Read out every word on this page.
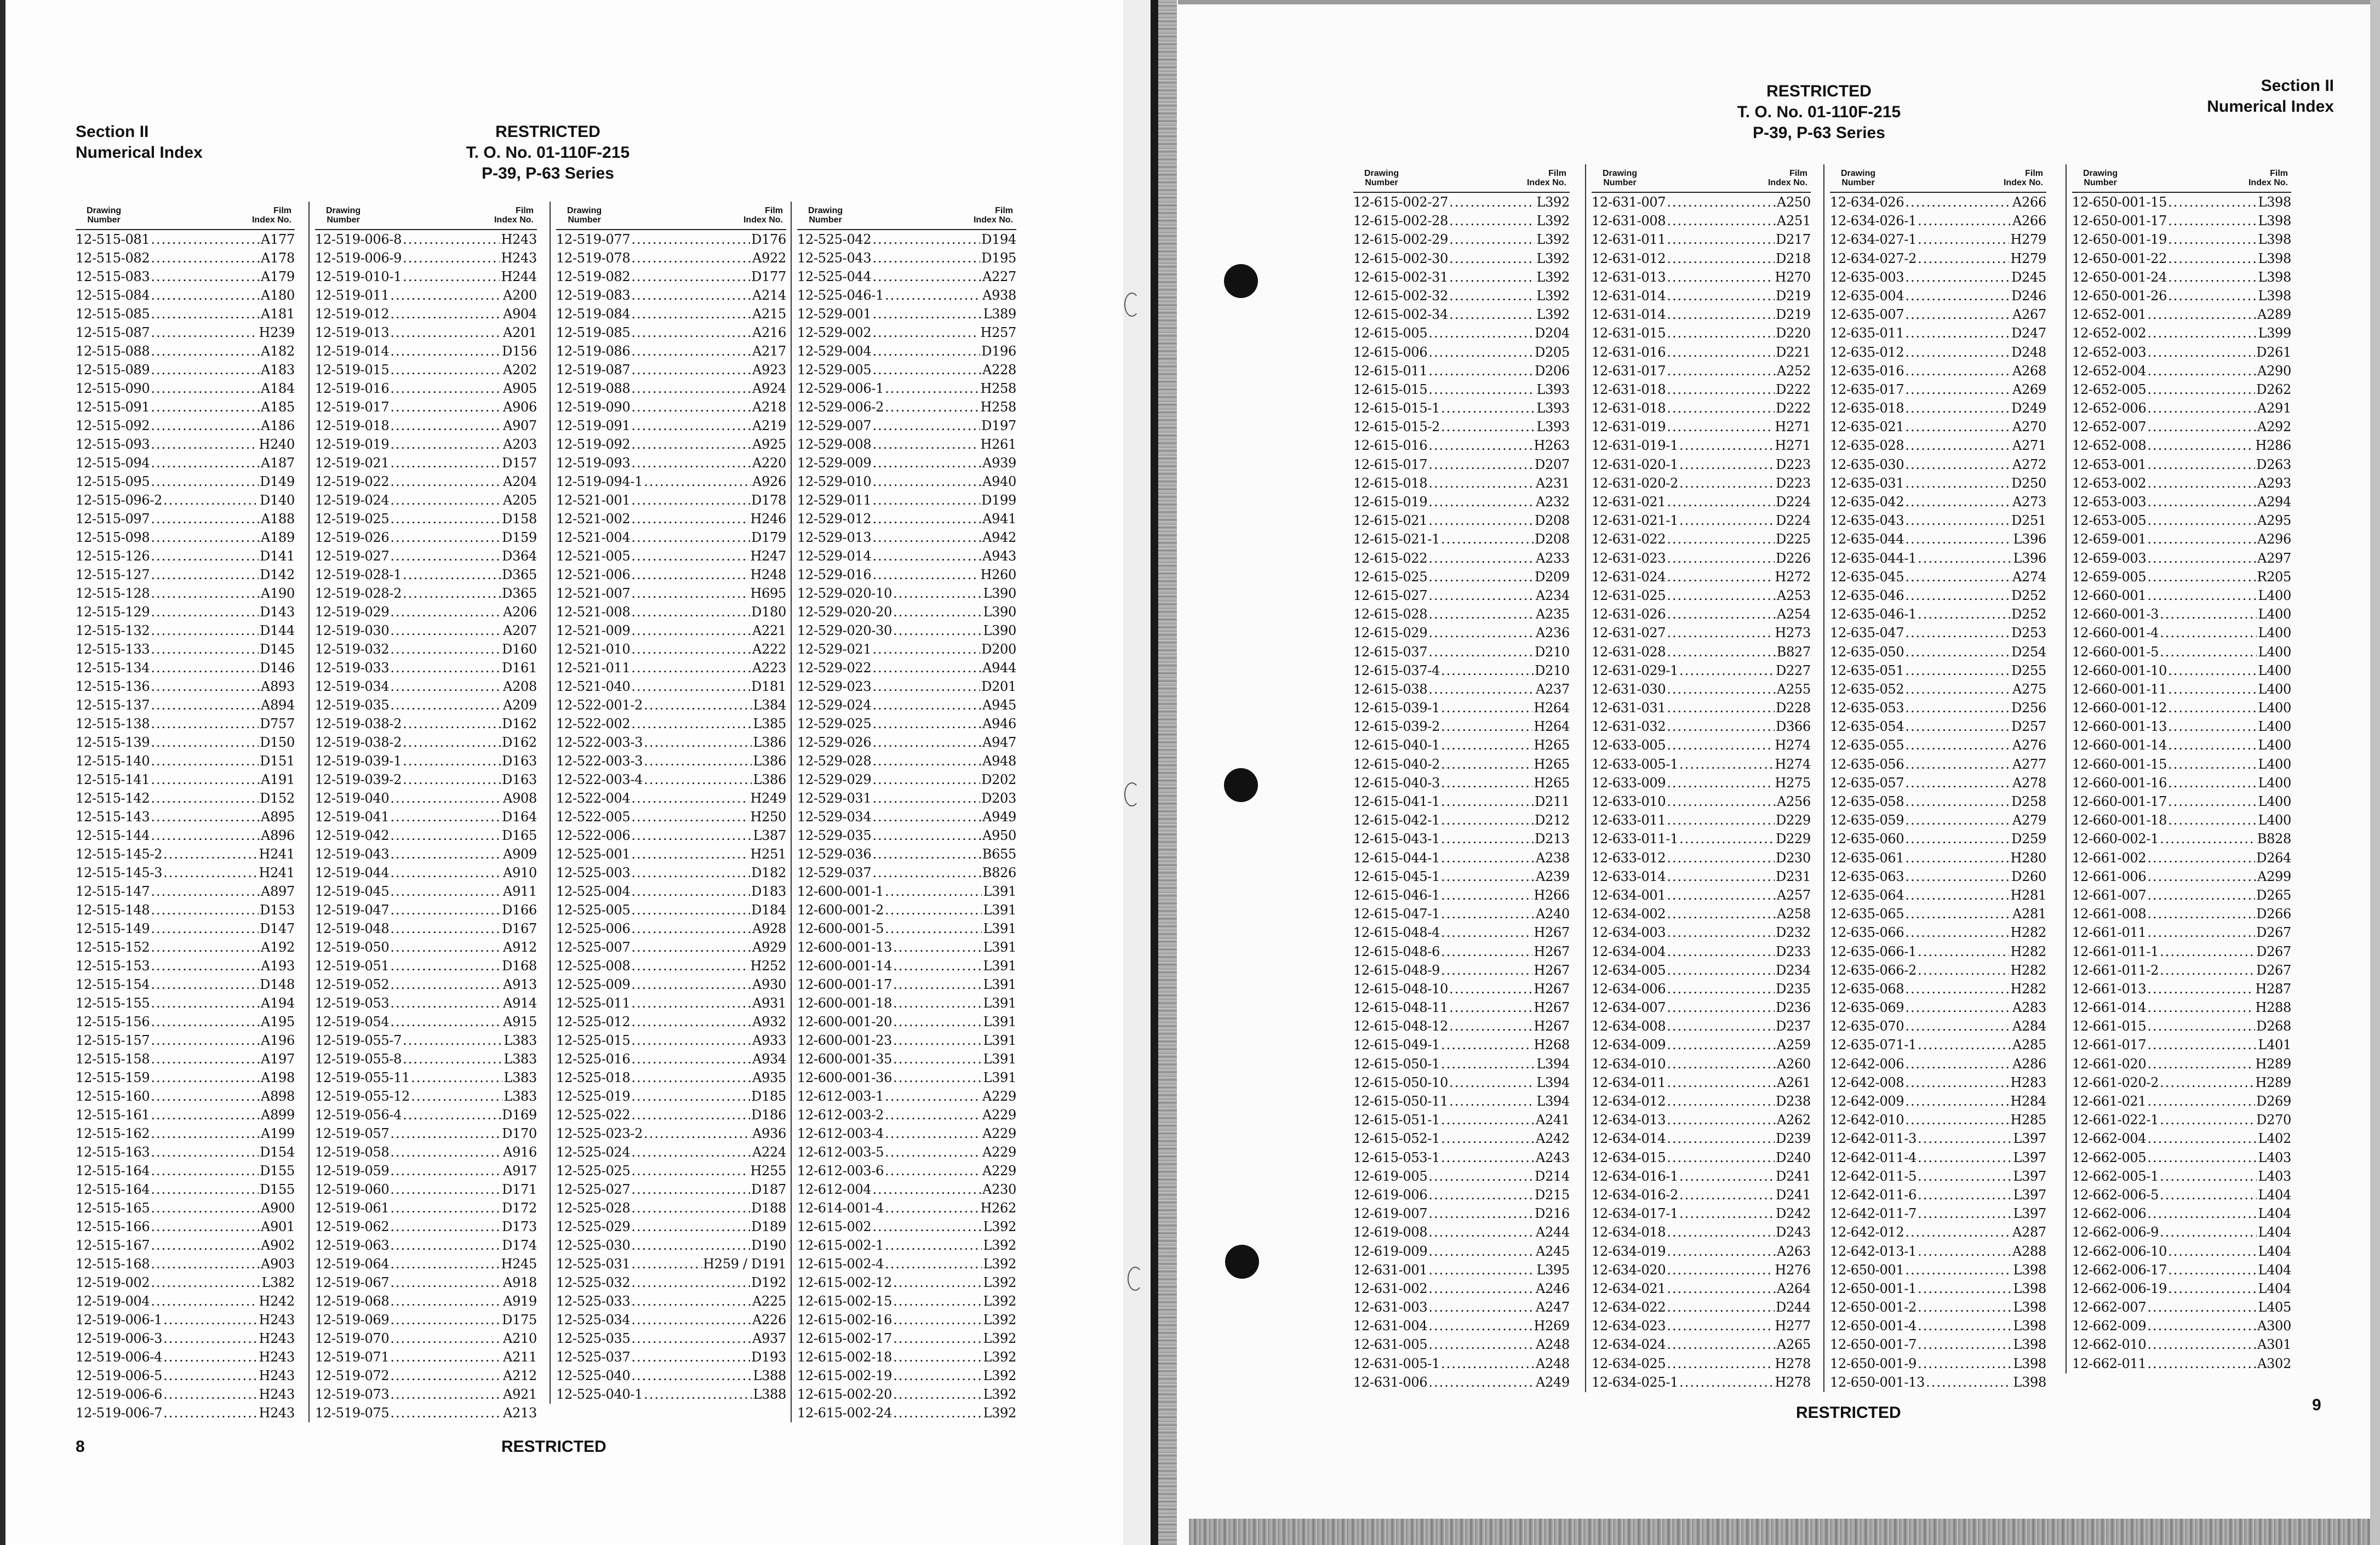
Section II
Numerical Index
RESTRICTED
T. O. No. 01-110F-215
P-39, P-63 Series
8	RESTRICTED
Drawing
Number
Film
Index No.
12-515-081 .....	A177
12-515-082 .....	A178
12-515-083 .....	A179
12-515-084 .....	A180
12-515-085 .....	A181
12-515-087 .....	H239
12-515-088 .....	A182
12-515-089 .....	A183
12-515-090 .....	A184
12-515-091 .....	A185
12-515-092 .....	A186
12-515-093 .....	H240
12-515-094 .....	A187
12-515-095 .....	D149
12-515-096-2 .....	D140
12-515-097 .....	A188
12-515-098 .....	A189
12-515-126 .....	D141
12-515-127 .....	D142
12-515-128 .....	A190
12-515-129 .....	D143
12-515-132 .....	D144
12-515-133 .....	D145
12-515-134 .....	D146
12-515-136 .....	A893
12-515-137 .....	A894
12-515-138 .....	D757
12-515-139 .....	D150
12-515-140 .....	D151
12-515-141 .....	A191
12-515-142 .....	D152
12-515-143 .....	A895
12-515-144 .....	A896
12-515-145-2 .....	H241
12-515-145-3 .....	H241
12-515-147 .....	A897
12-515-148 .....	D153
12-515-149 .....	D147
12-515-152 .....	A192
12-515-153 .....	A193
12-515-154 .....	D148
12-515-155 .....	A194
12-515-156 .....	A195
12-515-157 .....	A196
12-515-158 .....	A197
12-515-159 .....	A198
12-515-160 .....	A898
12-515-161 .....	A899
12-515-162 .....	A199
12-515-163 .....	D154
12-515-164 .....	D155
12-515-164 .....	D155
12-515-165 .....	A900
12-515-166 .....	A901
12-515-167 .....	A902
12-515-168 .....	A903
12-519-002 .....	L382
12-519-004 .....	H242
12-519-006-1 .....	H243
12-519-006-3 .....	H243
12-519-006-4 .....	H243
12-519-006-5 .....	H243
12-519-006-6 .....	H243
12-519-006-7 .....	H243
Drawing
Number
Film
Index No.
12-519-006-8 .....	H243
12-519-006-9 .....	H243
12-519-010-1 .....	H244
12-519-011 .....	A200
12-519-012 .....	A904
12-519-013 .....	A201
12-519-014 .....	D156
12-519-015 .....	A202
12-519-016 .....	A905
12-519-017 .....	A906
12-519-018 .....	A907
12-519-019 .....	A203
12-519-021 .....	D157
12-519-022 .....	A204
12-519-024 .....	A205
12-519-025 .....	D158
12-519-026 .....	D159
12-519-027 .....	D364
12-519-028-1 .....	D365
12-519-028-2 .....	D365
12-519-029 .....	A206
12-519-030 .....	A207
12-519-032 .....	D160
12-519-033 .....	D161
12-519-034 .....	A208
12-519-035 .....	A209
12-519-038-2 .....	D162
12-519-038-2 .....	D162
12-519-039-1 .....	D163
12-519-039-2 .....	D163
12-519-040 .....	A908
12-519-041 .....	D164
12-519-042 .....	D165
12-519-043 .....	A909
12-519-044 .....	A910
12-519-045 .....	A911
12-519-047 .....	D166
12-519-048 .....	D167
12-519-050 .....	A912
12-519-051 .....	D168
12-519-052 .....	A913
12-519-053 .....	A914
12-519-054 .....	A915
12-519-055-7 .....	L383
12-519-055-8 .....	L383
12-519-055-11 .....	L383
12-519-055-12 .....	L383
12-519-056-4 .....	D169
12-519-057 .....	D170
12-519-058 .....	A916
12-519-059 .....	A917
12-519-060 .....	D171
12-519-061 .....	D172
12-519-062 .....	D173
12-519-063 .....	D174
12-519-064 .....	H245
12-519-067 .....	A918
12-519-068 .....	A919
12-519-069 .....	D175
12-519-070 .....	A210
12-519-071 .....	A211
12-519-072 .....	A212
12-519-073 .....	A921
12-519-075 .....	A213
Drawing
Number
Film
Index No.
12-519-077 .....	D176
12-519-078 .....	A922
12-519-082 .....	D177
12-519-083 .....	A214
12-519-084 .....	A215
12-519-085 .....	A216
12-519-086 .....	A217
12-519-087 .....	A923
12-519-088 .....	A924
12-519-090 .....	A218
12-519-091 .....	A219
12-519-092 .....	A925
12-519-093 .....	A220
12-519-094-1 .....	A926
12-521-001 .....	D178
12-521-002 .....	H246
12-521-004 .....	D179
12-521-005 .....	H247
12-521-006 .....	H248
12-521-007 .....	H695
12-521-008 .....	D180
12-521-009 .....	A221
12-521-010 .....	A222
12-521-011 .....	A223
12-521-040 .....	D181
12-522-001-2 .....	L384
12-522-002 .....	L385
12-522-003-3 .....	L386
12-522-003-3 .....	L386
12-522-003-4 .....	L386
12-522-004 .....	H249
12-522-005 .....	H250
12-522-006 .....	L387
12-525-001 .....	H251
12-525-003 .....	D182
12-525-004 .....	D183
12-525-005 .....	D184
12-525-006 .....	A928
12-525-007 .....	A929
12-525-008 .....	H252
12-525-009 .....	A930
12-525-011 .....	A931
12-525-012 .....	A932
12-525-015 .....	A933
12-525-016 .....	A934
12-525-018 .....	A935
12-525-019 .....	D185
12-525-022 .....	D186
12-525-023-2 .....	A936
12-525-024 .....	A224
12-525-025 .....	H255
12-525-027 .....	D187
12-525-028 .....	D188
12-525-029 .....	D189
12-525-030 .....	D190
12-525-031 .....	H259 / D191
12-525-032 .....	D192
12-525-033 .....	A225
12-525-034 .....	A226
12-525-035 .....	A937
12-525-037 .....	D193
12-525-040 .....	L388
12-525-040-1 .....	L388
Drawing
Number
Film
Index No.
12-525-042 .....	D194
12-525-043 .....	D195
12-525-044 .....	A227
12-525-046-1 .....	A938
12-529-001 .....	L389
12-529-002 .....	H257
12-529-004 .....	D196
12-529-005 .....	A228
12-529-006-1 .....	H258
12-529-006-2 .....	H258
12-529-007 .....	D197
12-529-008 .....	H261
12-529-009 .....	A939
12-529-010 .....	A940
12-529-011 .....	D199
12-529-012 .....	A941
12-529-013 .....	A942
12-529-014 .....	A943
12-529-016 .....	H260
12-529-020-10 .....	L390
12-529-020-20 .....	L390
12-529-020-30 .....	L390
12-529-021 .....	D200
12-529-022 .....	A944
12-529-023 .....	D201
12-529-024 .....	A945
12-529-025 .....	A946
12-529-026 .....	A947
12-529-028 .....	A948
12-529-029 .....	D202
12-529-031 .....	D203
12-529-034 .....	A949
12-529-035 .....	A950
12-529-036 .....	B655
12-529-037 .....	B826
12-600-001-1 .....	L391
12-600-001-2 .....	L391
12-600-001-5 .....	L391
12-600-001-13 .....	L391
12-600-001-14 .....	L391
12-600-001-17 .....	L391
12-600-001-18 .....	L391
12-600-001-20 .....	L391
12-600-001-23 .....	L391
12-600-001-35 .....	L391
12-600-001-36 .....	L391
12-612-003-1 .....	A229
12-612-003-2 .....	A229
12-612-003-4 .....	A229
12-612-003-5 .....	A229
12-612-003-6 .....	A229
12-612-004 .....	A230
12-614-001-4 .....	H262
12-615-002 .....	L392
12-615-002-1 .....	L392
12-615-002-4 .....	L392
12-615-002-12 .....	L392
12-615-002-15 .....	L392
12-615-002-16 .....	L392
12-615-002-17 .....	L392
12-615-002-18 .....	L392
12-615-002-19 .....	L392
12-615-002-20 .....	L392
12-615-002-24 .....	L392
RESTRICTED
T. O. No. 01-110F-215
P-39, P-63 Series
Section II
Numerical Index
RESTRICTED	9
Drawing
Number
Film
Index No.
12-615-002-27 .....	L392
12-615-002-28 .....	L392
12-615-002-29 .....	L392
12-615-002-30 .....	L392
12-615-002-31 .....	L392
12-615-002-32 .....	L392
12-615-002-34 .....	L392
12-615-005 .....	D204
12-615-006 .....	D205
12-615-011 .....	D206
12-615-015 .....	L393
12-615-015-1 .....	L393
12-615-015-2 .....	L393
12-615-016 .....	H263
12-615-017 .....	D207
12-615-018 .....	A231
12-615-019 .....	A232
12-615-021 .....	D208
12-615-021-1 .....	D208
12-615-022 .....	A233
12-615-025 .....	D209
12-615-027 .....	A234
12-615-028 .....	A235
12-615-029 .....	A236
12-615-037 .....	D210
12-615-037-4 .....	D210
12-615-038 .....	A237
12-615-039-1 .....	H264
12-615-039-2 .....	H264
12-615-040-1 .....	H265
12-615-040-2 .....	H265
12-615-040-3 .....	H265
12-615-041-1 .....	D211
12-615-042-1 .....	D212
12-615-043-1 .....	D213
12-615-044-1 .....	A238
12-615-045-1 .....	A239
12-615-046-1 .....	H266
12-615-047-1 .....	A240
12-615-048-4 .....	H267
12-615-048-6 .....	H267
12-615-048-9 .....	H267
12-615-048-10 .....	H267
12-615-048-11 .....	H267
12-615-048-12 .....	H267
12-615-049-1 .....	H268
12-615-050-1 .....	L394
12-615-050-10 .....	L394
12-615-050-11 .....	L394
12-615-051-1 .....	A241
12-615-052-1 .....	A242
12-615-053-1 .....	A243
12-619-005 .....	D214
12-619-006 .....	D215
12-619-007 .....	D216
12-619-008 .....	A244
12-619-009 .....	A245
12-631-001 .....	L395
12-631-002 .....	A246
12-631-003 .....	A247
12-631-004 .....	H269
12-631-005 .....	A248
12-631-005-1 .....	A248
12-631-006 .....	A249
Drawing
Number
Film
Index No.
12-631-007 .....	A250
12-631-008 .....	A251
12-631-011 .....	D217
12-631-012 .....	D218
12-631-013 .....	H270
12-631-014 .....	D219
12-631-014 .....	D219
12-631-015 .....	D220
12-631-016 .....	D221
12-631-017 .....	A252
12-631-018 .....	D222
12-631-018 .....	D222
12-631-019 .....	H271
12-631-019-1 .....	H271
12-631-020-1 .....	D223
12-631-020-2 .....	D223
12-631-021 .....	D224
12-631-021-1 .....	D224
12-631-022 .....	D225
12-631-023 .....	D226
12-631-024 .....	H272
12-631-025 .....	A253
12-631-026 .....	A254
12-631-027 .....	H273
12-631-028 .....	B827
12-631-029-1 .....	D227
12-631-030 .....	A255
12-631-031 .....	D228
12-631-032 .....	D366
12-633-005 .....	H274
12-633-005-1 .....	H274
12-633-009 .....	H275
12-633-010 .....	A256
12-633-011 .....	D229
12-633-011-1 .....	D229
12-633-012 .....	D230
12-633-014 .....	D231
12-634-001 .....	A257
12-634-002 .....	A258
12-634-003 .....	D232
12-634-004 .....	D233
12-634-005 .....	D234
12-634-006 .....	D235
12-634-007 .....	D236
12-634-008 .....	D237
12-634-009 .....	A259
12-634-010 .....	A260
12-634-011 .....	A261
12-634-012 .....	D238
12-634-013 .....	A262
12-634-014 .....	D239
12-634-015 .....	D240
12-634-016-1 .....	D241
12-634-016-2 .....	D241
12-634-017-1 .....	D242
12-634-018 .....	D243
12-634-019 .....	A263
12-634-020 .....	H276
12-634-021 .....	A264
12-634-022 .....	D244
12-634-023 .....	H277
12-634-024 .....	A265
12-634-025 .....	H278
12-634-025-1 .....	H278
Drawing
Number
Film
Index No.
12-634-026 .....	A266
12-634-026-1 .....	A266
12-634-027-1 .....	H279
12-634-027-2 .....	H279
12-635-003 .....	D245
12-635-004 .....	D246
12-635-007 .....	A267
12-635-011 .....	D247
12-635-012 .....	D248
12-635-016 .....	A268
12-635-017 .....	A269
12-635-018 .....	D249
12-635-021 .....	A270
12-635-028 .....	A271
12-635-030 .....	A272
12-635-031 .....	D250
12-635-042 .....	A273
12-635-043 .....	D251
12-635-044 .....	L396
12-635-044-1 .....	L396
12-635-045 .....	A274
12-635-046 .....	D252
12-635-046-1 .....	D252
12-635-047 .....	D253
12-635-050 .....	D254
12-635-051 .....	D255
12-635-052 .....	A275
12-635-053 .....	D256
12-635-054 .....	D257
12-635-055 .....	A276
12-635-056 .....	A277
12-635-057 .....	A278
12-635-058 .....	D258
12-635-059 .....	A279
12-635-060 .....	D259
12-635-061 .....	H280
12-635-063 .....	D260
12-635-064 .....	H281
12-635-065 .....	A281
12-635-066 .....	H282
12-635-066-1 .....	H282
12-635-066-2 .....	H282
12-635-068 .....	H282
12-635-069 .....	A283
12-635-070 .....	A284
12-635-071-1 .....	A285
12-642-006 .....	A286
12-642-008 .....	H283
12-642-009 .....	H284
12-642-010 .....	H285
12-642-011-3 .....	L397
12-642-011-4 .....	L397
12-642-011-5 .....	L397
12-642-011-6 .....	L397
12-642-011-7 .....	L397
12-642-012 .....	A287
12-642-013-1 .....	A288
12-650-001 .....	L398
12-650-001-1 .....	L398
12-650-001-2 .....	L398
12-650-001-4 .....	L398
12-650-001-7 .....	L398
12-650-001-9 .....	L398
12-650-001-13 .....	L398
Drawing
Number
Film
Index No.
12-650-001-15 .....	L398
12-650-001-17 .....	L398
12-650-001-19 .....	L398
12-650-001-22 .....	L398
12-650-001-24 .....	L398
12-650-001-26 .....	L398
12-652-001 .....	A289
12-652-002 .....	L399
12-652-003 .....	D261
12-652-004 .....	A290
12-652-005 .....	D262
12-652-006 .....	A291
12-652-007 .....	A292
12-652-008 .....	H286
12-653-001 .....	D263
12-653-002 .....	A293
12-653-003 .....	A294
12-653-005 .....	A295
12-659-001 .....	A296
12-659-003 .....	A297
12-659-005 .....	R205
12-660-001 .....	L400
12-660-001-3 .....	L400
12-660-001-4 .....	L400
12-660-001-5 .....	L400
12-660-001-10 .....	L400
12-660-001-11 .....	L400
12-660-001-12 .....	L400
12-660-001-13 .....	L400
12-660-001-14 .....	L400
12-660-001-15 .....	L400
12-660-001-16 .....	L400
12-660-001-17 .....	L400
12-660-001-18 .....	L400
12-660-002-1 .....	B828
12-661-002 .....	D264
12-661-006 .....	A299
12-661-007 .....	D265
12-661-008 .....	D266
12-661-011 .....	D267
12-661-011-1 .....	D267
12-661-011-2 .....	D267
12-661-013 .....	H287
12-661-014 .....	H288
12-661-015 .....	D268
12-661-017 .....	L401
12-661-020 .....	H289
12-661-020-2 .....	H289
12-661-021 .....	D269
12-661-022-1 .....	D270
12-662-004 .....	L402
12-662-005 .....	L403
12-662-005-1 .....	L403
12-662-006-5 .....	L404
12-662-006 .....	L404
12-662-006-9 .....	L404
12-662-006-10 .....	L404
12-662-006-17 .....	L404
12-662-006-19 .....	L404
12-662-007 .....	L405
12-662-009 .....	A300
12-662-010 .....	A301
12-662-011 .....	A302
